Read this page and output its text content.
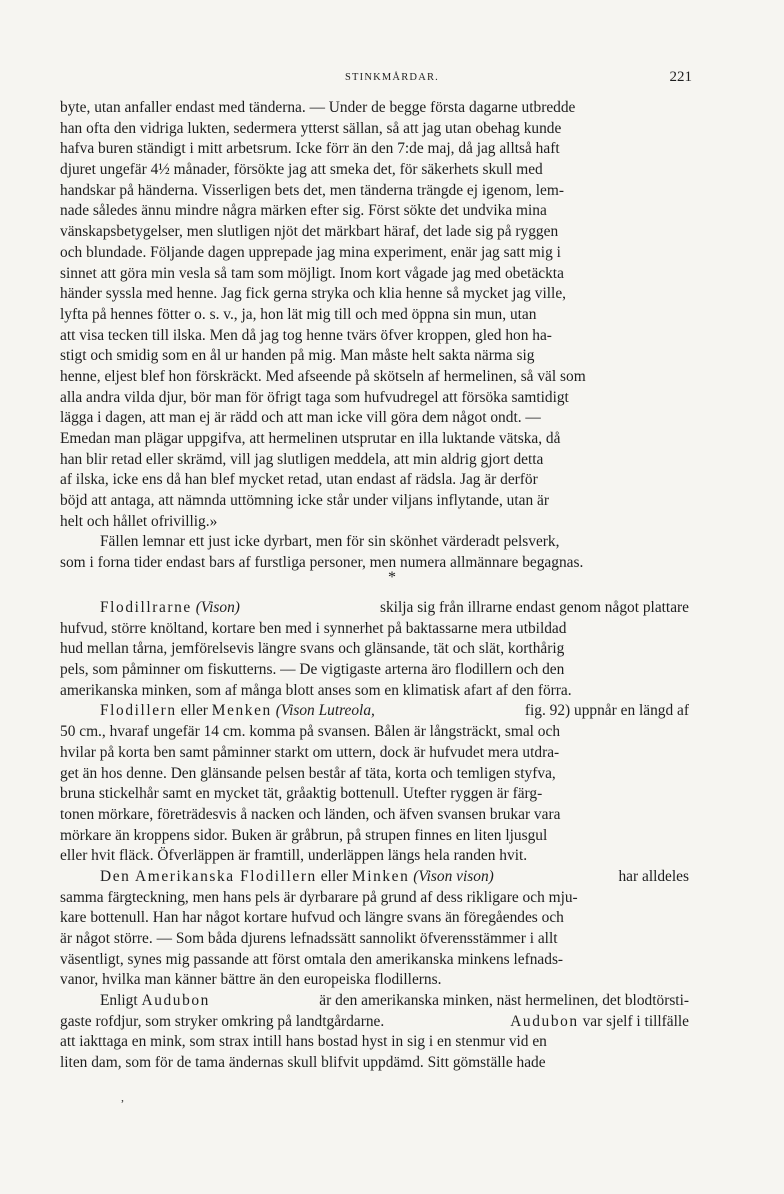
STINKMÅRDAR.	221
byte, utan anfaller endast med tänderna. — Under de begge första dagarne utbredde
han ofta den vidriga lukten, sedermera ytterst sällan, så att jag utan obehag kunde
hafva buren ständigt i mitt arbetsrum. Icke förr än den 7:de maj, då jag alltså haft
djuret ungefär 4½ månader, försökte jag att smeka det, för säkerhets skull med
handskar på händerna. Visserligen bets det, men tänderna trängde ej igenom, lem-
nade således ännu mindre några märken efter sig. Först sökte det undvika mina
vänskapsbetygelser, men slutligen njöt det märkbart häraf, det lade sig på ryggen
och blundade. Följande dagen upprepade jag mina experiment, enär jag satt mig i
sinnet att göra min vesla så tam som möjligt. Inom kort vågade jag med obetäckta
händer syssla med henne. Jag fick gerna stryka och klia henne så mycket jag ville,
lyfta på hennes fötter o. s. v., ja, hon lät mig till och med öppna sin mun, utan
att visa tecken till ilska. Men då jag tog henne tvärs öfver kroppen, gled hon ha-
stigt och smidig som en ål ur handen på mig. Man måste helt sakta närma sig
henne, eljest blef hon förskräckt. Med afseende på skötseln af hermelinen, så väl som
alla andra vilda djur, bör man för öfrigt taga som hufvudregel att försöka samtidigt
lägga i dagen, att man ej är rädd och att man icke vill göra dem något ondt. —
Emedan man plägar uppgifva, att hermelinen utsprutar en illa luktande vätska, då
han blir retad eller skrämd, vill jag slutligen meddela, att min aldrig gjort detta
af ilska, icke ens då han blef mycket retad, utan endast af rädsla. Jag är derför
böjd att antaga, att nämnda uttömning icke står under viljans inflytande, utan är
helt och hållet ofrivillig.»
Fällen lemnar ett just icke dyrbart, men för sin skönhet värderadt pelsverk,
som i forna tider endast bars af furstliga personer, men numera allmännare begagnas.
*
Flodillrarne (Vison)	skilja sig från illrarne endast genom något plattare
hufvud, större knöltand, kortare ben med i synnerhet på baktassarne mera utbildad
hud mellan tårna, jemförelsevis längre svans och glänsande, tät och slät, korthårig
pels, som påminner om fiskutterns. — De vigtigaste arterna äro flodillern och den
amerikanska minken, som af många blott anses som en klimatisk afart af den förra.
Flodillern eller Menken (Vison Lutreola,	fig. 92) uppnår en längd af
50 cm., hvaraf ungefär 14 cm. komma på svansen. Bålen är långsträckt, smal och
hvilar på korta ben samt påminner starkt om uttern, dock är hufvudet mera utdra-
get än hos denne. Den glänsande pelsen består af täta, korta och temligen styfva,
bruna stickelhår samt en mycket tät, gråaktig bottenull. Utefter ryggen är färg-
tonen mörkare, företrädesvis å nacken och länden, och äfven svansen brukar vara
mörkare än kroppens sidor. Buken är gråbrun, på strupen finnes en liten ljusgul
eller hvit fläck. Öfverläppen är framtill, underläppen längs hela randen hvit.
Den Amerikanska Flodillern eller Minken (Vison vison)	har alldeles
samma färgteckning, men hans pels är dyrbarare på grund af dess rikligare och mju-
kare bottenull. Han har något kortare hufvud och längre svans än föregåendes och
är något större. — Som båda djurens lefnadssätt sannolikt öfverensstämmer i allt
väsentligt, synes mig passande att först omtala den amerikanska minkens lefnads-
vanor, hvilka man känner bättre än den europeiska flodillerns.
Enligt Audubon	är den amerikanska minken, näst hermelinen, det blodtörsti-
gaste rofdjur, som stryker omkring på landtgårdarne.	Audubon var sjelf i tillfälle
att iakttaga en mink, som strax intill hans bostad hyst in sig i en stenmur vid en
liten dam, som för de tama ändernas skull blifvit uppdämd. Sitt gömställe hade
,
